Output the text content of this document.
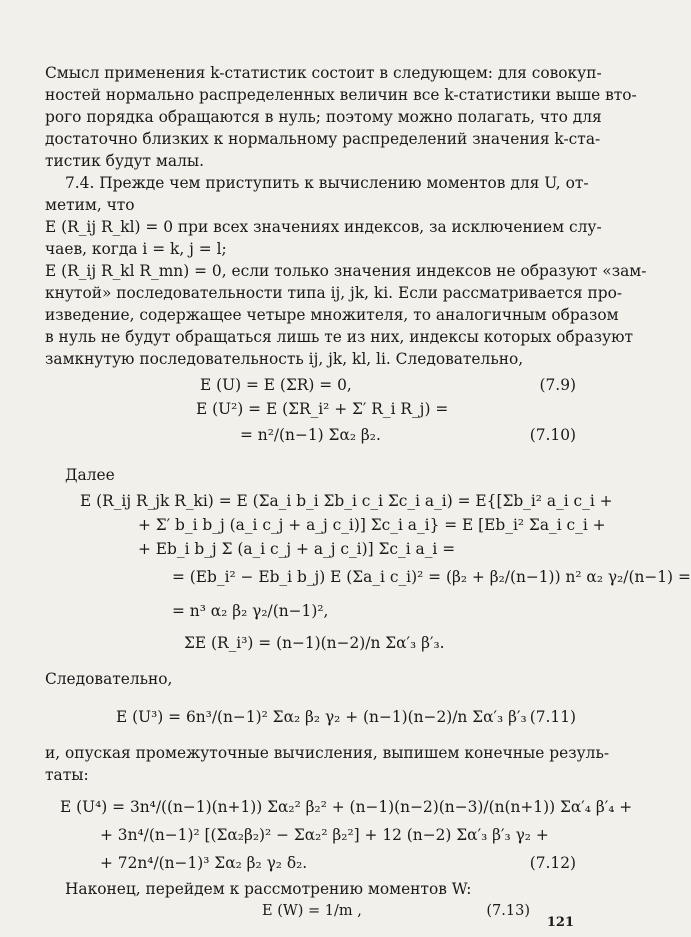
Смысл применения k-статистик состоит в следующем: для совокуп-
ностей нормально распределенных величин все k-статистики выше вто-
рого порядка обращаются в нуль; поэтому можно полагать, что для
достаточно близких к нормальному распределений значения k-ста-
тистик будут малы.
7.4. Прежде чем приступить к вычислению моментов для U, от-
метим, что
E (R_ij R_kl) = 0 при всех значениях индексов, за исключением слу-
чаев, когда i = k, j = l;
E (R_ij R_kl R_mn) = 0, если только значения индексов не образуют «зам-
кнутой» последовательности типа ij, jk, ki. Если рассматривается про-
изведение, содержащее четыре множителя, то аналогичным образом
в нуль не будут обращаться лишь те из них, индексы которых образуют
замкнутую последовательность ij, jk, kl, li. Следовательно,
E (U) = E (ΣR) = 0,	(7.9)
E (U²) = E (ΣR_i² + Σ′ R_i R_j) =
= n²/(n−1) Σα₂ β₂.	(7.10)
Далее
E (R_ij R_jk R_ki) = E (Σa_i b_i Σb_i c_i Σc_i a_i) = E{[Σb_i² a_i c_i +
+ Σ′ b_i b_j (a_i c_j + a_j c_i)] Σc_i a_i} = E [Eb_i² Σa_i c_i +
+ Eb_i b_j Σ (a_i c_j + a_j c_i)] Σc_i a_i =
= (Eb_i² − Eb_i b_j) E (Σa_i c_i)² = (β₂ + β₂/(n−1)) n² α₂ γ₂/(n−1) =
= n³ α₂ β₂ γ₂/(n−1)²,
ΣE (R_i³) = (n−1)(n−2)/n Σα′₃ β′₃.
Следовательно,
E (U³) = 6n³/(n−1)² Σα₂ β₂ γ₂ + (n−1)(n−2)/n Σα′₃ β′₃ (7.11)
и, опуская промежуточные вычисления, выпишем конечные резуль-
таты:
E (U⁴) = 3n⁴/((n−1)(n+1)) Σα₂² β₂² + (n−1)(n−2)(n−3)/(n(n+1)) Σα′₄ β′₄ +
+ 3n⁴/(n−1)² [(Σα₂β₂)² − Σα₂² β₂²] + 12 (n−2) Σα′₃ β′₃ γ₂ +
+ 72n⁴/(n−1)³ Σα₂ β₂ γ₂ δ₂.	(7.12)
Наконец, перейдем к рассмотрению моментов W:
E (W) = 1/m ,	(7.13)
121
